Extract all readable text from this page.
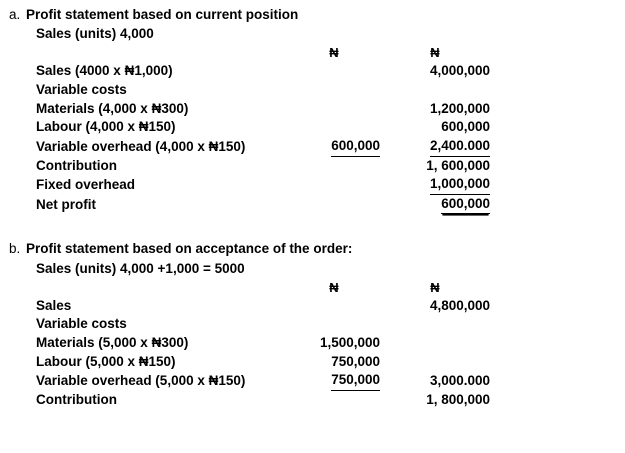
a. Profit statement based on current position
Sales (units) 4,000
	₦	₦
Sales (4000 x ₦1,000)		4,000,000
Variable costs		
Materials (4,000 x ₦300)		1,200,000
Labour (4,000 x ₦150)		600,000
Variable overhead (4,000 x ₦150)	600,000	2,400.000
Contribution		1, 600,000
Fixed overhead		1,000,000
Net profit		600,000
b. Profit statement based on acceptance of the order:
Sales (units) 4,000 +1,000 = 5000
	₦	₦
Sales		4,800,000
Variable costs		
Materials (5,000 x ₦300)	1,500,000	
Labour (5,000 x ₦150)	750,000	
Variable overhead (5,000 x ₦150)	750,000	3,000.000
Contribution		1, 800,000
